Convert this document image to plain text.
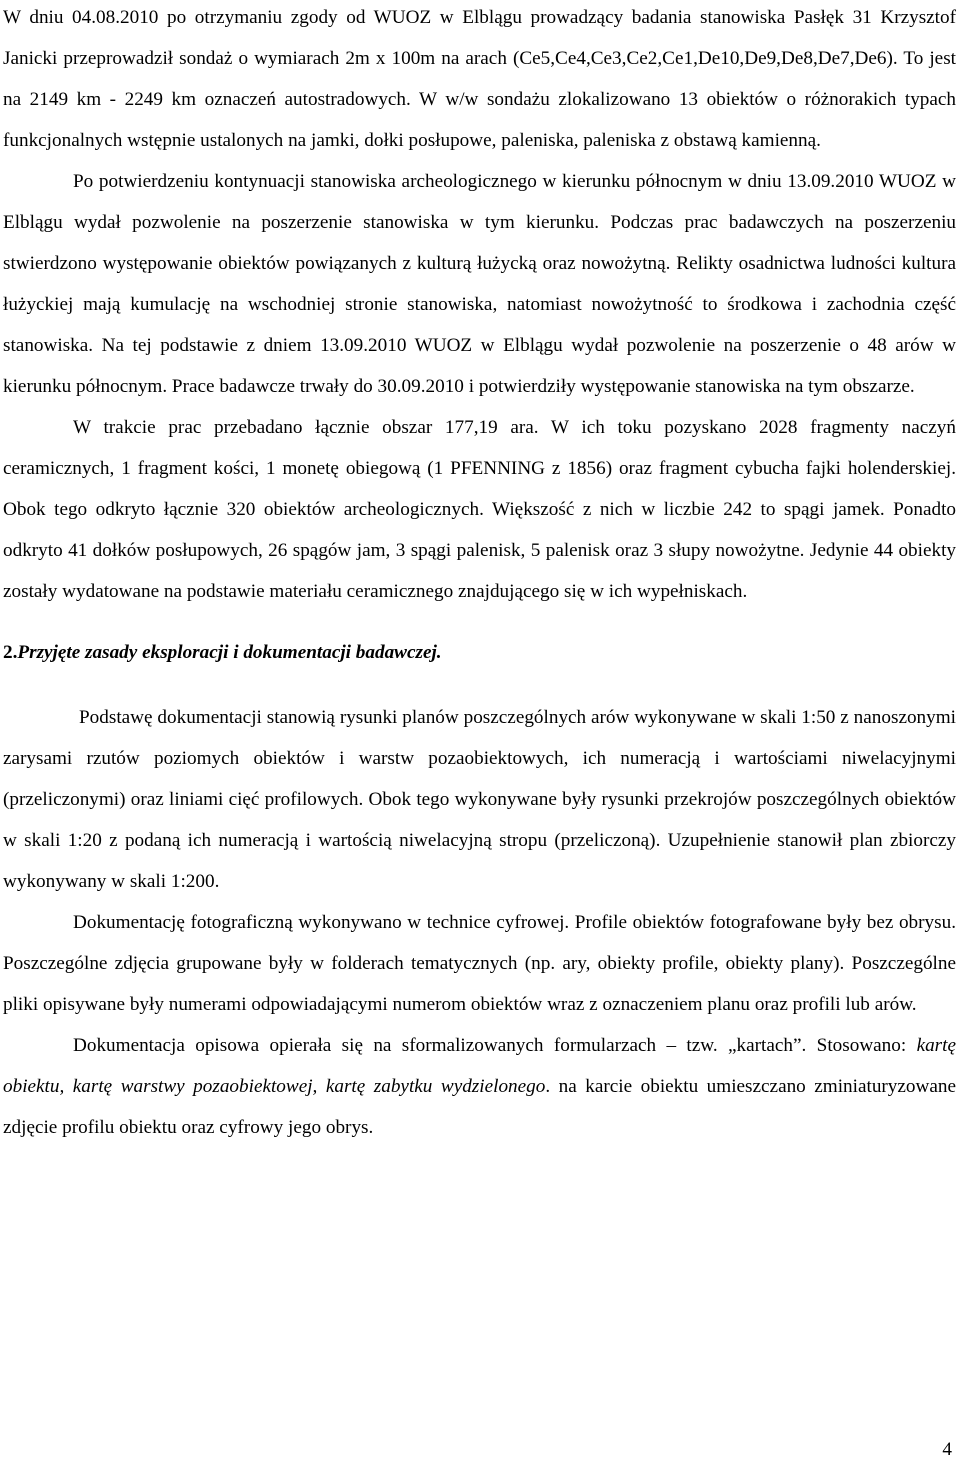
W dniu 04.08.2010 po otrzymaniu zgody od WUOZ w Elblągu prowadzący badania stanowiska Pasłęk 31 Krzysztof Janicki przeprowadził sondaż o wymiarach 2m x 100m na arach (Ce5,Ce4,Ce3,Ce2,Ce1,De10,De9,De8,De7,De6). To jest na 2149 km - 2249 km oznaczeń autostradowych. W w/w sondażu zlokalizowano 13 obiektów o różnorakich typach funkcjonalnych wstępnie ustalonych na jamki, dołki posłupowe, paleniska, paleniska z obstawą kamienną.

Po potwierdzeniu kontynuacji stanowiska archeologicznego w kierunku północnym w dniu 13.09.2010 WUOZ w Elblągu wydał pozwolenie na poszerzenie stanowiska w tym kierunku. Podczas prac badawczych na poszerzeniu stwierdzono występowanie obiektów powiązanych z kulturą łużycką oraz nowożytną. Relikty osadnictwa ludności kultura łużyckiej mają kumulację na wschodniej stronie stanowiska, natomiast nowożytność to środkowa i zachodnia część stanowiska. Na tej podstawie z dniem 13.09.2010 WUOZ w Elblągu wydał pozwolenie na poszerzenie o 48 arów w kierunku północnym. Prace badawcze trwały do 30.09.2010 i potwierdziły występowanie stanowiska na tym obszarze.

W trakcie prac przebadano łącznie obszar 177,19 ara. W ich toku pozyskano 2028 fragmenty naczyń ceramicznych, 1 fragment kości, 1 monetę obiegową (1 PFENNING z 1856) oraz fragment cybucha fajki holenderskiej. Obok tego odkryto łącznie 320 obiektów archeologicznych. Większość z nich w liczbie 242 to spągi jamek. Ponadto odkryto 41 dołków posłupowych, 26 spągów jam, 3 spągi palenisk, 5 palenisk oraz 3 słupy nowożytne. Jedynie 44 obiekty zostały wydatowane na podstawie materiału ceramicznego znajdującego się w ich wypełniskach.

2.Przyjęte zasady eksploracji i dokumentacji badawczej.

Podstawę dokumentacji stanowią rysunki planów poszczególnych arów wykonywane w skali 1:50 z nanoszonymi zarysami rzutów poziomych obiektów i warstw pozaobiektowych, ich numeracją i wartościami niwelacyjnymi (przeliczonymi) oraz liniami cięć profilowych. Obok tego wykonywane były rysunki przekrojów poszczególnych obiektów w skali 1:20 z podaną ich numeracją i wartością niwelacyjną stropu (przeliczoną). Uzupełnienie stanowił plan zbiorczy wykonywany w skali 1:200.

Dokumentację fotograficzną wykonywano w technice cyfrowej. Profile obiektów fotografowane były bez obrysu. Poszczególne zdjęcia grupowane były w folderach tematycznych (np. ary, obiekty profile, obiekty plany). Poszczególne pliki opisywane były numerami odpowiadającymi numerom obiektów wraz z oznaczeniem planu oraz profili lub arów.

Dokumentacja opisowa opierała się na sformalizowanych formularzach – tzw. „kartach”. Stosowano: kartę obiektu, kartę warstwy pozaobiektowej, kartę zabytku wydzielonego. na karcie obiektu umieszczano zminiaturyzowane zdjęcie profilu obiektu oraz cyfrowy jego obrys.

4
